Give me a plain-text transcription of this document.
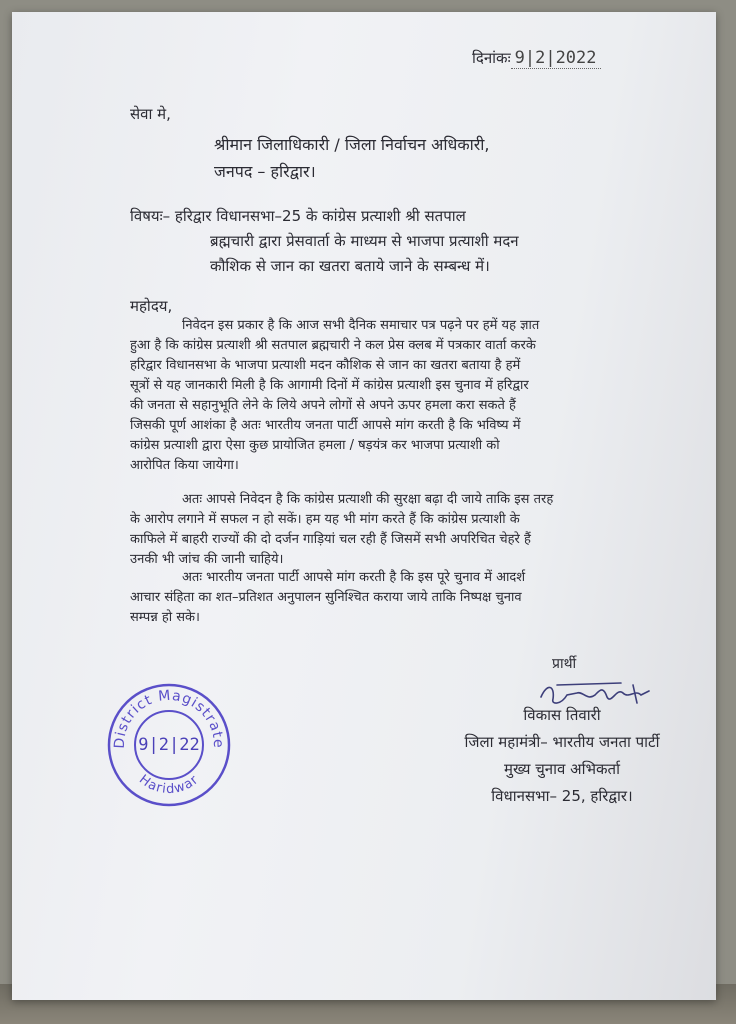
दिनांकः 9|2|2022
सेवा मे,
श्रीमान जिलाधिकारी / जिला निर्वाचन अधिकारी,
जनपद – हरिद्वार।
विषयः– हरिद्वार विधानसभा–25 के कांग्रेस प्रत्याशी श्री सतपाल
ब्रह्मचारी द्वारा प्रेसवार्ता के माध्यम से भाजपा प्रत्याशी मदन
कौशिक से जान का खतरा बताये जाने के सम्बन्ध में।
महोदय,
निवेदन इस प्रकार है कि आज सभी दैनिक समाचार पत्र पढ़ने पर हमें यह ज्ञात
हुआ है कि कांग्रेस प्रत्याशी श्री सतपाल ब्रह्मचारी ने कल प्रेस क्लब में पत्रकार वार्ता करके
हरिद्वार विधानसभा के भाजपा प्रत्याशी मदन कौशिक से जान का खतरा बताया है हमें
सूत्रों से यह जानकारी मिली है कि आगामी दिनों में कांग्रेस प्रत्याशी इस चुनाव में हरिद्वार
की जनता से सहानुभूति लेने के लिये अपने लोगों से अपने ऊपर हमला करा सकते हैं
जिसकी पूर्ण आशंका है अतः भारतीय जनता पार्टी आपसे मांग करती है कि भविष्य में
कांग्रेस प्रत्याशी द्वारा ऐसा कुछ प्रायोजित हमला / षड़यंत्र कर भाजपा प्रत्याशी को
आरोपित किया जायेगा।
अतः आपसे निवेदन है कि कांग्रेस प्रत्याशी की सुरक्षा बढ़ा दी जाये ताकि इस तरह
के आरोप लगाने में सफल न हो सकें। हम यह भी मांग करते हैं कि कांग्रेस प्रत्याशी के
काफिले में बाहरी राज्यों की दो दर्जन गाड़ियां चल रही हैं जिसमें सभी अपरिचित चेहरे हैं
उनकी भी जांच की जानी चाहिये।
अतः भारतीय जनता पार्टी आपसे मांग करती है कि इस पूरे चुनाव में आदर्श
आचार संहिता का शत–प्रतिशत अनुपालन सुनिश्चित कराया जाये ताकि निष्पक्ष चुनाव
सम्पन्न हो सके।
प्रार्थी
विकास तिवारी
जिला महामंत्री– भारतीय जनता पार्टी
मुख्य चुनाव अभिकर्ता
विधानसभा– 25, हरिद्वार।
District Magistrate
Haridwar
9|2|22
